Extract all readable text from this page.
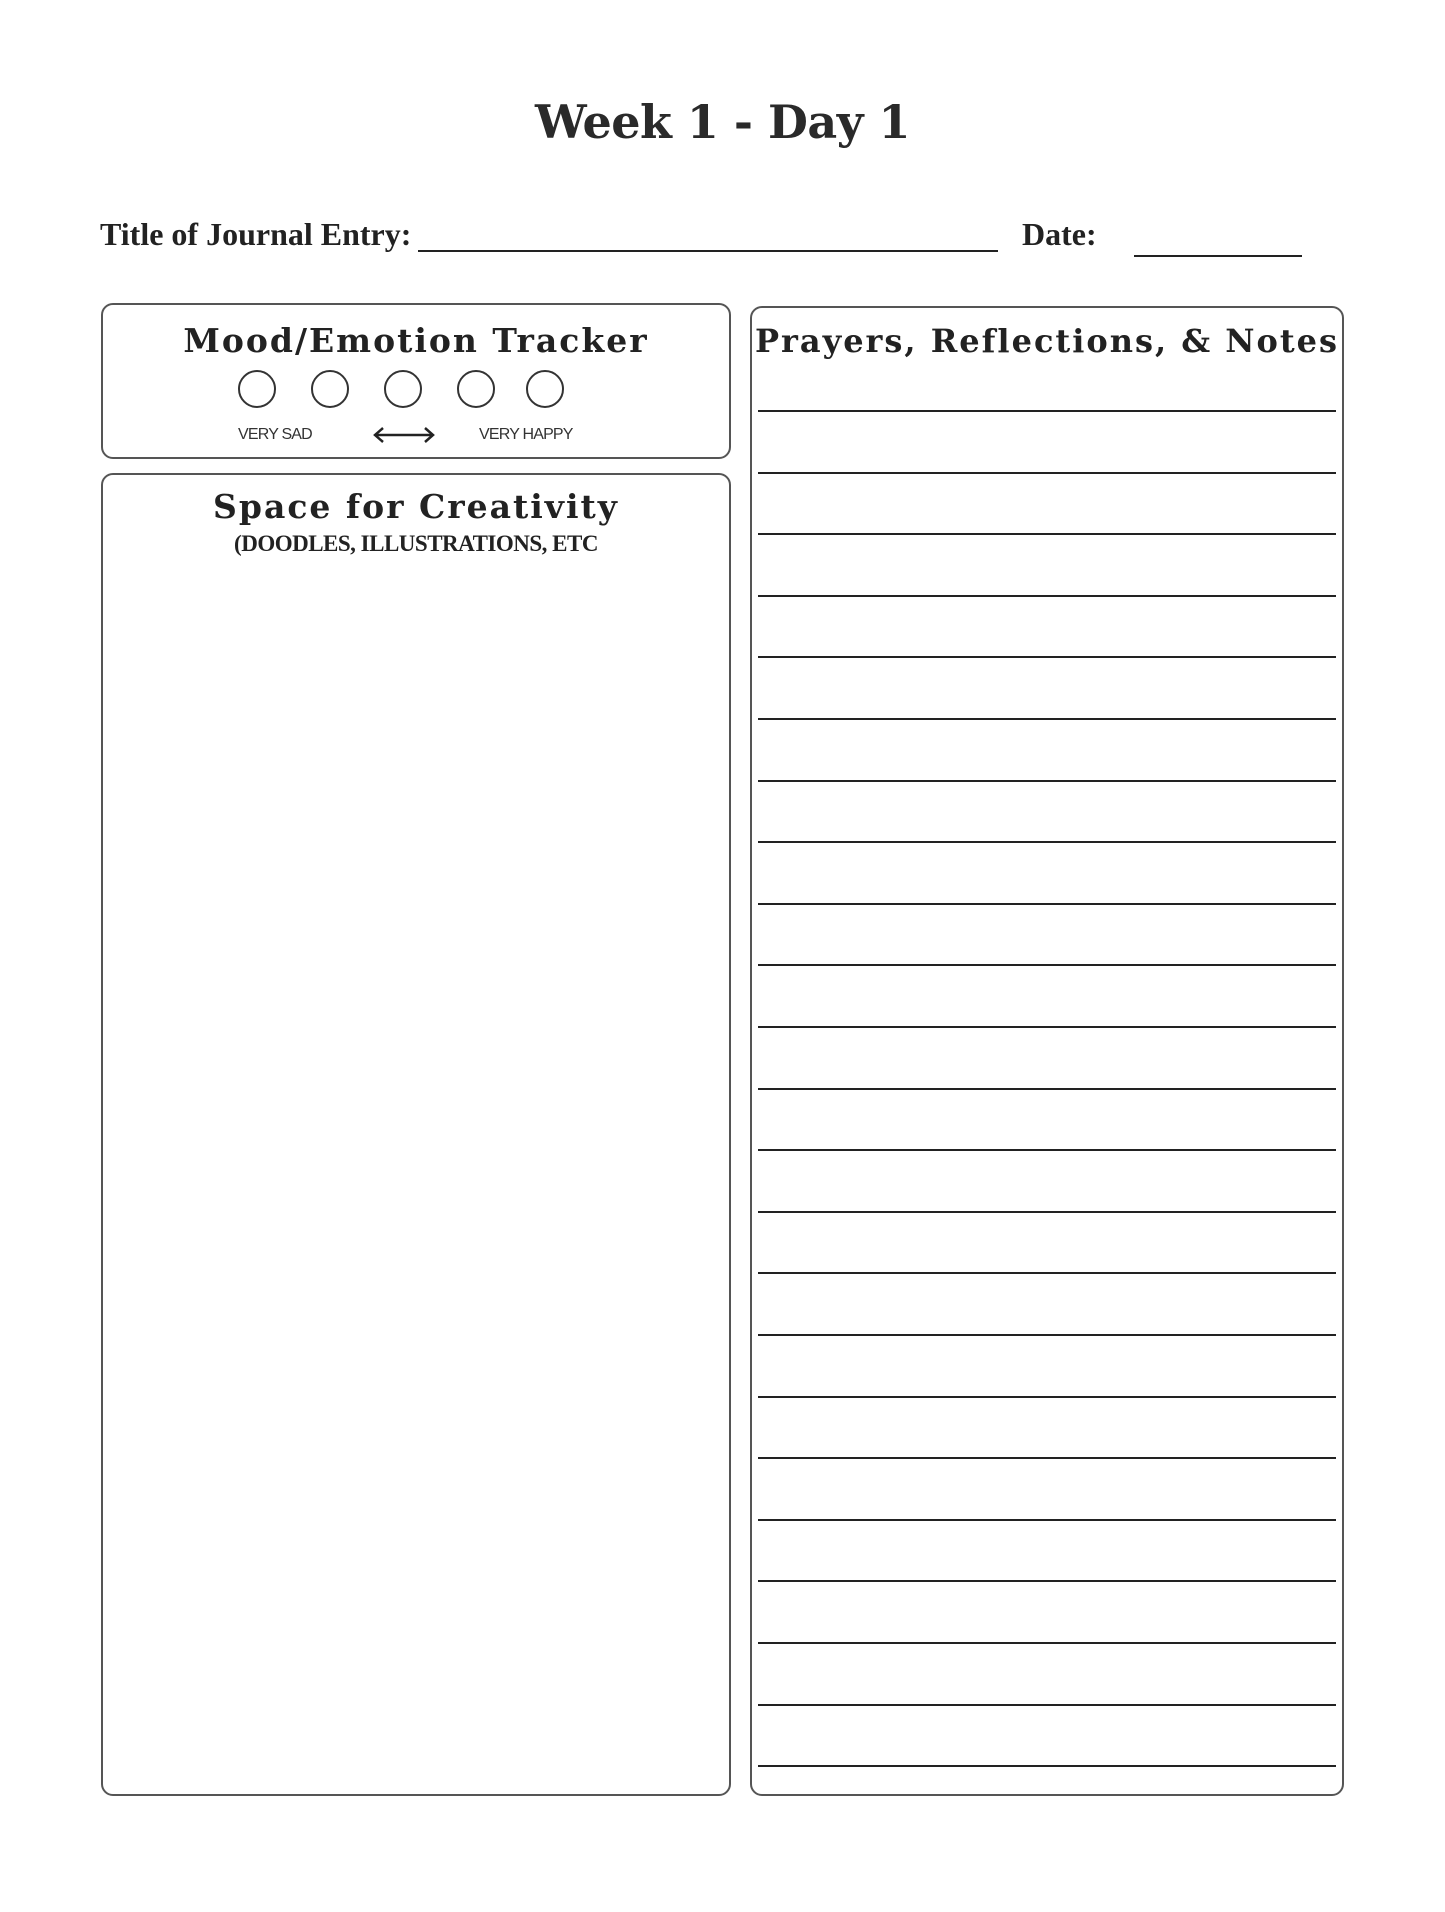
Week 1 - Day 1
Title of Journal Entry:	Date:
Mood/Emotion Tracker
VERY SAD	VERY HAPPY
Space for Creativity
(DOODLES, ILLUSTRATIONS, ETC
Prayers, Reflections, & Notes
